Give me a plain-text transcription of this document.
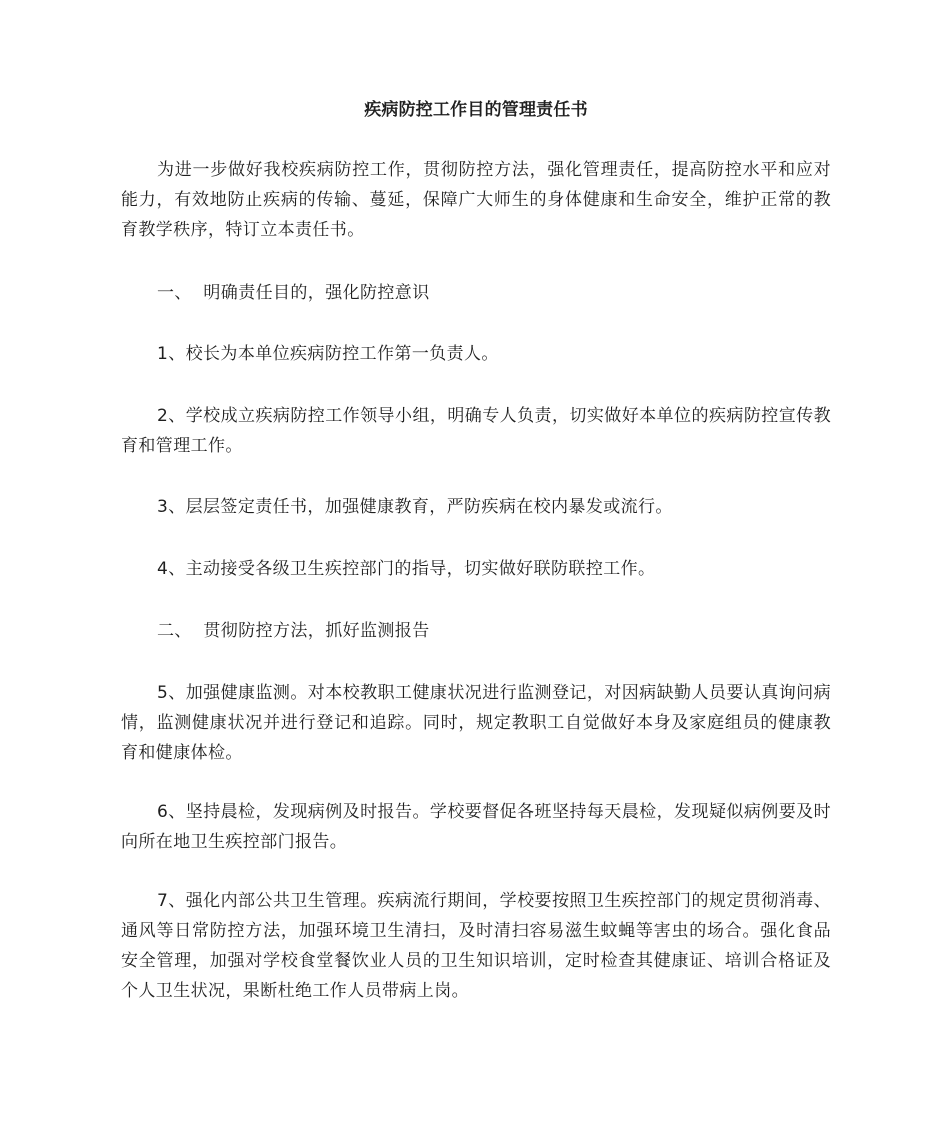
疾病防控工作目的管理责任书

为进一步做好我校疾病防控工作，贯彻防控方法，强化管理责任，提高防控水平和应对能力，有效地防止疾病的传输、蔓延，保障广大师生的身体健康和生命安全，维护正常的教育教学秩序，特订立本责任书。

一、  明确责任目的，强化防控意识

1、校长为本单位疾病防控工作第一负责人。

2、学校成立疾病防控工作领导小组，明确专人负责，切实做好本单位的疾病防控宣传教育和管理工作。

3、层层签定责任书，加强健康教育，严防疾病在校内暴发或流行。

4、主动接受各级卫生疾控部门的指导，切实做好联防联控工作。

二、  贯彻防控方法，抓好监测报告

5、加强健康监测。对本校教职工健康状况进行监测登记，对因病缺勤人员要认真询问病情，监测健康状况并进行登记和追踪。同时，规定教职工自觉做好本身及家庭组员的健康教育和健康体检。

6、坚持晨检，发现病例及时报告。学校要督促各班坚持每天晨检，发现疑似病例要及时向所在地卫生疾控部门报告。

7、强化内部公共卫生管理。疾病流行期间，学校要按照卫生疾控部门的规定贯彻消毒、通风等日常防控方法，加强环境卫生清扫，及时清扫容易滋生蚊蝇等害虫的场合。强化食品安全管理，加强对学校食堂餐饮业人员的卫生知识培训，定时检查其健康证、培训合格证及个人卫生状况，果断杜绝工作人员带病上岗。
